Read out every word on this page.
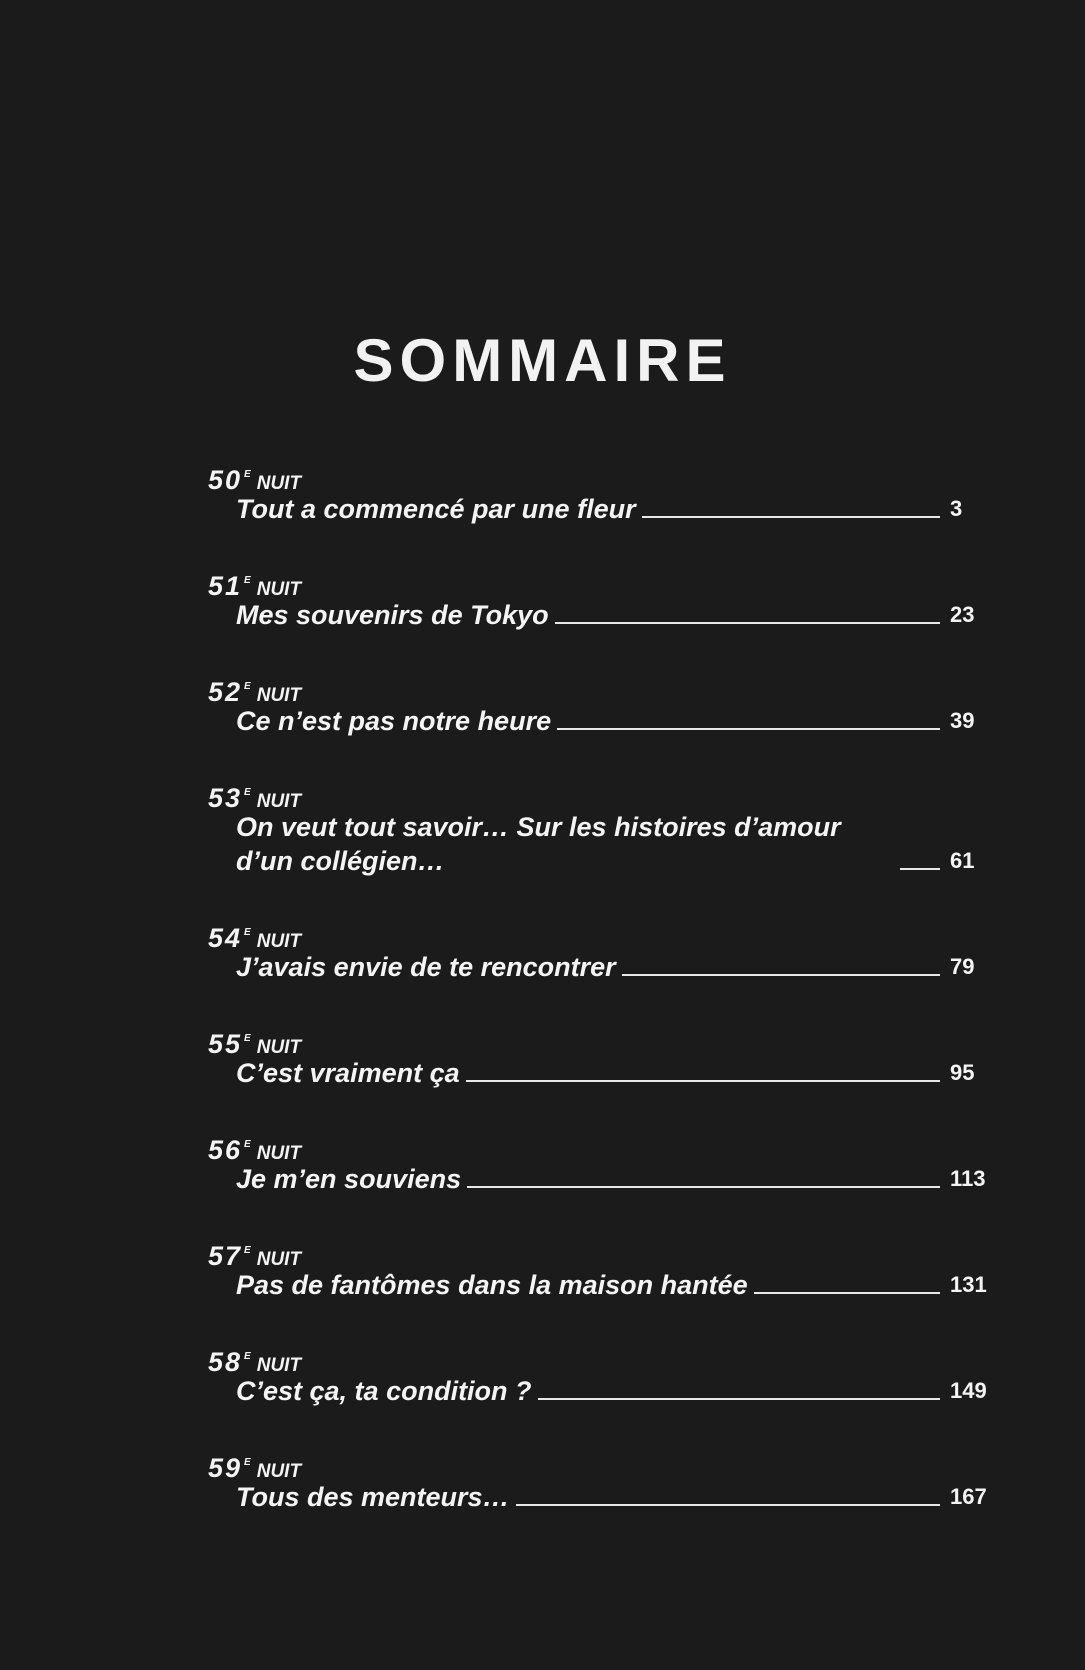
SOMMAIRE
50 E NUIT
Tout a commencé par une fleur	3
51 E NUIT
Mes souvenirs de Tokyo	23
52 E NUIT
Ce n’est pas notre heure	39
53 E NUIT
On veut tout savoir… Sur les histoires d’amour d’un collégien…	61
54 E NUIT
J’avais envie de te rencontrer	79
55 E NUIT
C’est vraiment ça	95
56 E NUIT
Je m’en souviens	113
57 E NUIT
Pas de fantômes dans la maison hantée	131
58 E NUIT
C’est ça, ta condition ?	149
59 E NUIT
Tous des menteurs…	167
